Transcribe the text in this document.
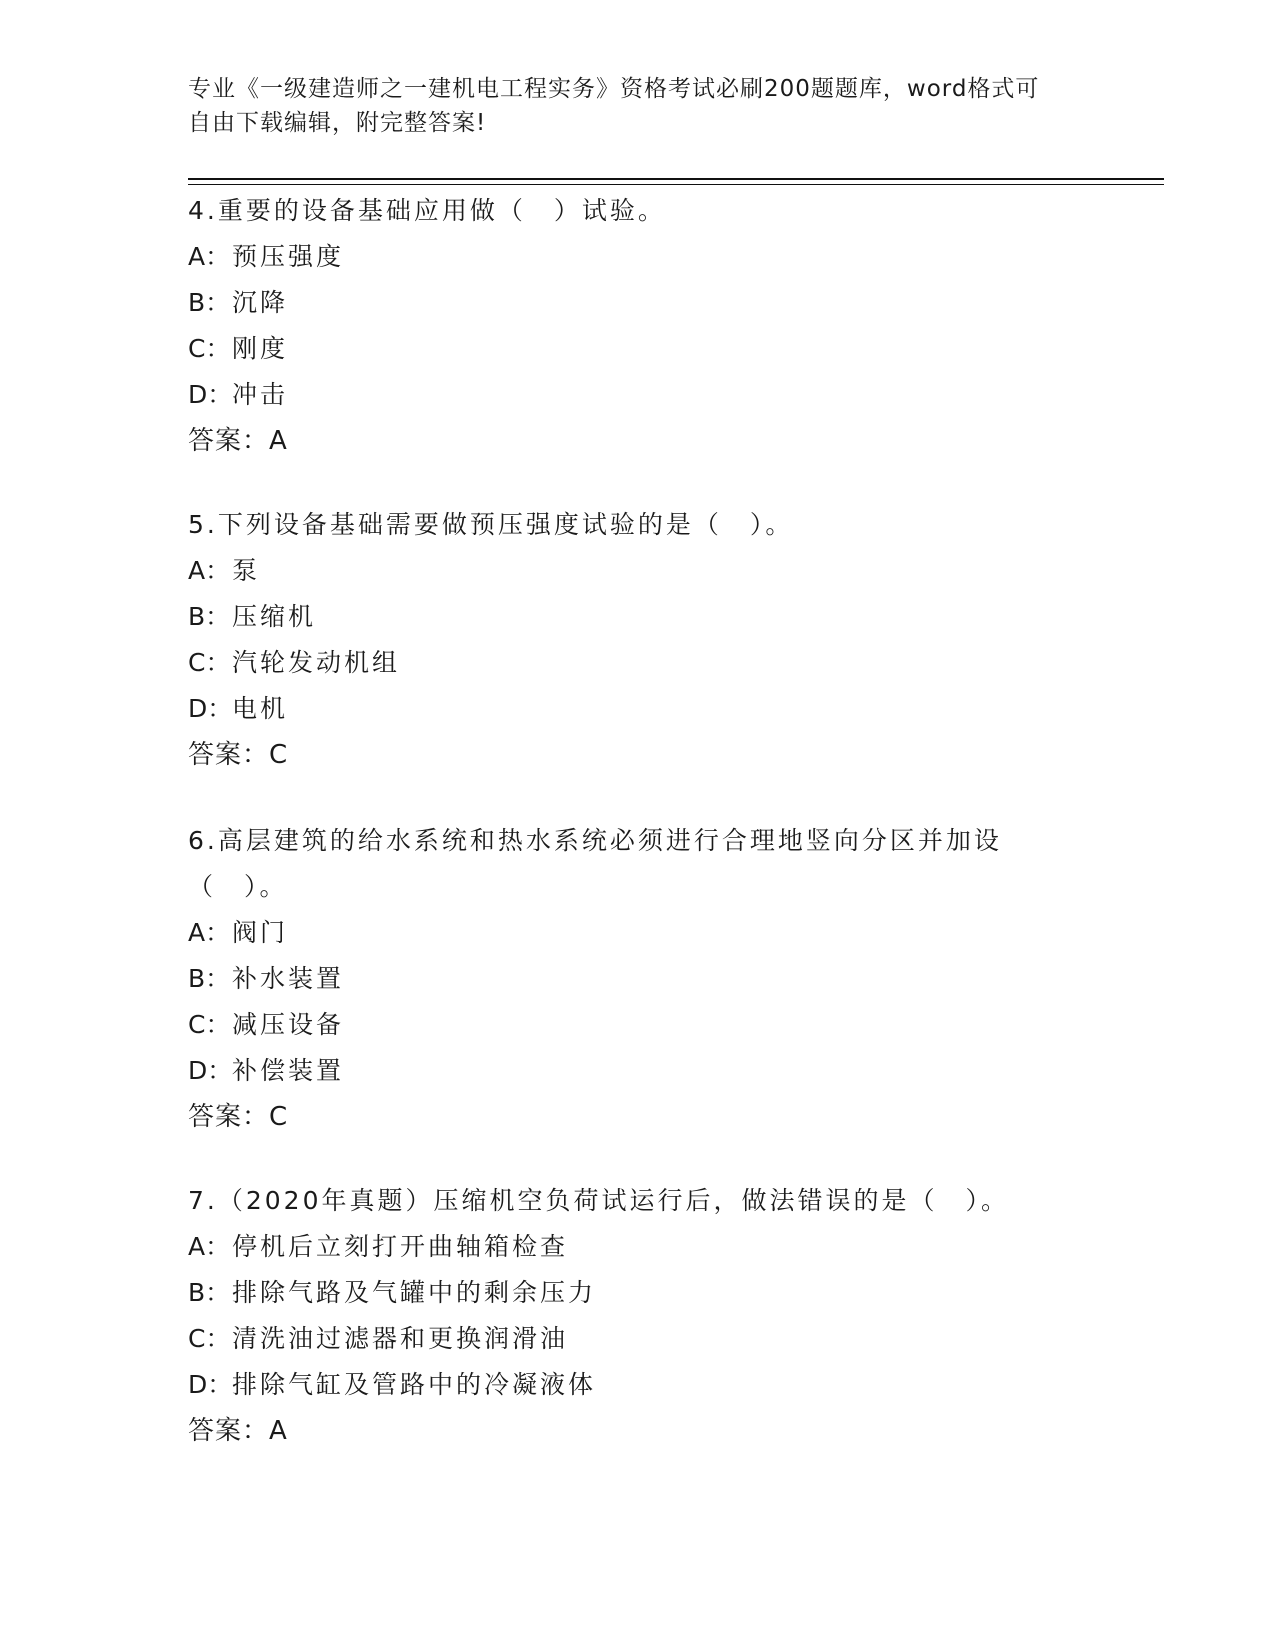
专业《一级建造师之一建机电工程实务》资格考试必刷200题题库，word格式可
自由下载编辑，附完整答案!

4.重要的设备基础应用做（　）试验。

A：预压强度

B：沉降

C：刚度

D：冲击

答案：A

5.下列设备基础需要做预压强度试验的是（　）。

A：泵

B：压缩机

C：汽轮发动机组

D：电机

答案：C

6.高层建筑的给水系统和热水系统必须进行合理地竖向分区并加设（　）。

A：阀门

B：补水装置

C：减压设备

D：补偿装置

答案：C

7.（2020年真题）压缩机空负荷试运行后，做法错误的是（　）。

A：停机后立刻打开曲轴箱检查

B：排除气路及气罐中的剩余压力

C：清洗油过滤器和更换润滑油

D：排除气缸及管路中的冷凝液体

答案：A
